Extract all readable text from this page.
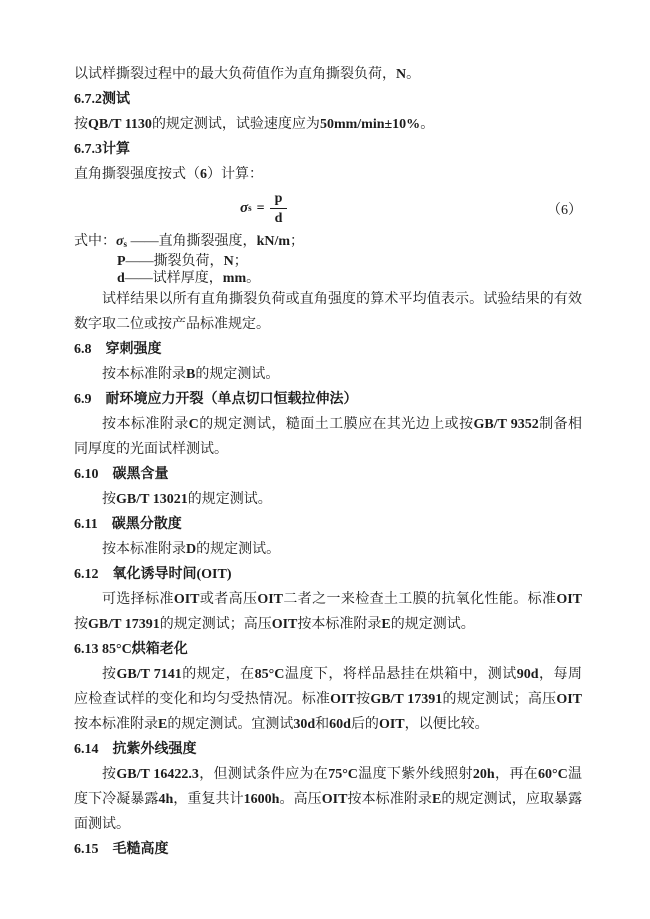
以试样撕裂过程中的最大负荷值作为直角撕裂负荷，N。
6.7.2测试
按QB/T 1130的规定测试，试验速度应为50mm/min±10%。
6.7.3计算
直角撕裂强度按式（6）计算：
σ $s = \frac{p}{d}$	（6）
式中：$\sigma_s$ ——直角撕裂强度，kN/m；
P——撕裂负荷，N；
d——试样厚度，mm。
试样结果以所有直角撕裂负荷或直角强度的算术平均值表示。试验结果的有效数字取二位或按产品标准规定。
6.8　穿刺强度
按本标准附录B的规定测试。
6.9　耐环境应力开裂（单点切口恒载拉伸法）
按本标准附录C的规定测试，糙面土工膜应在其光边上或按GB/T 9352制备相同厚度的光面试样测试。
6.10　碳黑含量
按GB/T 13021的规定测试。
6.11　碳黑分散度
按本标准附录D的规定测试。
6.12　氧化诱导时间(OIT)
可选择标准OIT或者高压OIT二者之一来检查土工膜的抗氧化性能。标准OIT按GB/T 17391的规定测试；高压OIT按本标准附录E的规定测试。
6.13 85°C烘箱老化
按GB/T 7141的规定，在85°C温度下，将样品悬挂在烘箱中，测试90d，每周应检查试样的变化和均匀受热情况。标准OIT按GB/T 17391的规定测试；高压OIT按本标准附录E的规定测试。宜测试30d和60d后的OIT，以便比较。
6.14　抗紫外线强度
按GB/T 16422.3，但测试条件应为在75°C温度下紫外线照射20h，再在60°C温度下冷凝暴露4h，重复共计1600h。高压OIT按本标准附录E的规定测试，应取暴露面测试。
6.15　毛糙高度
